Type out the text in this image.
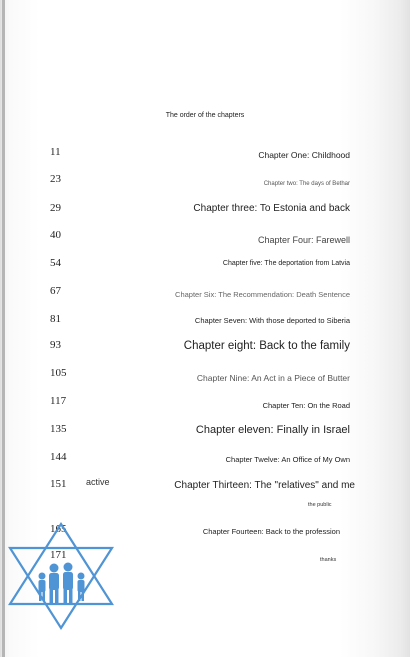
The order of the chapters
11	Chapter One: Childhood
23	Chapter two: The days of Bethar
29	Chapter three: To Estonia and back
40	Chapter Four: Farewell
54	Chapter five: The deportation from Latvia
67	Chapter Six: The Recommendation: Death Sentence
81	Chapter Seven: With those deported to Siberia
93	Chapter eight: Back to the family
105	Chapter Nine: An Act in a Piece of Butter
117	Chapter Ten: On the Road
135	Chapter eleven: Finally in Israel
144	Chapter Twelve: An Office of My Own
151 active	Chapter Thirteen: The "relatives" and me
the public
165	Chapter Fourteen: Back to the profession
171	thanks
